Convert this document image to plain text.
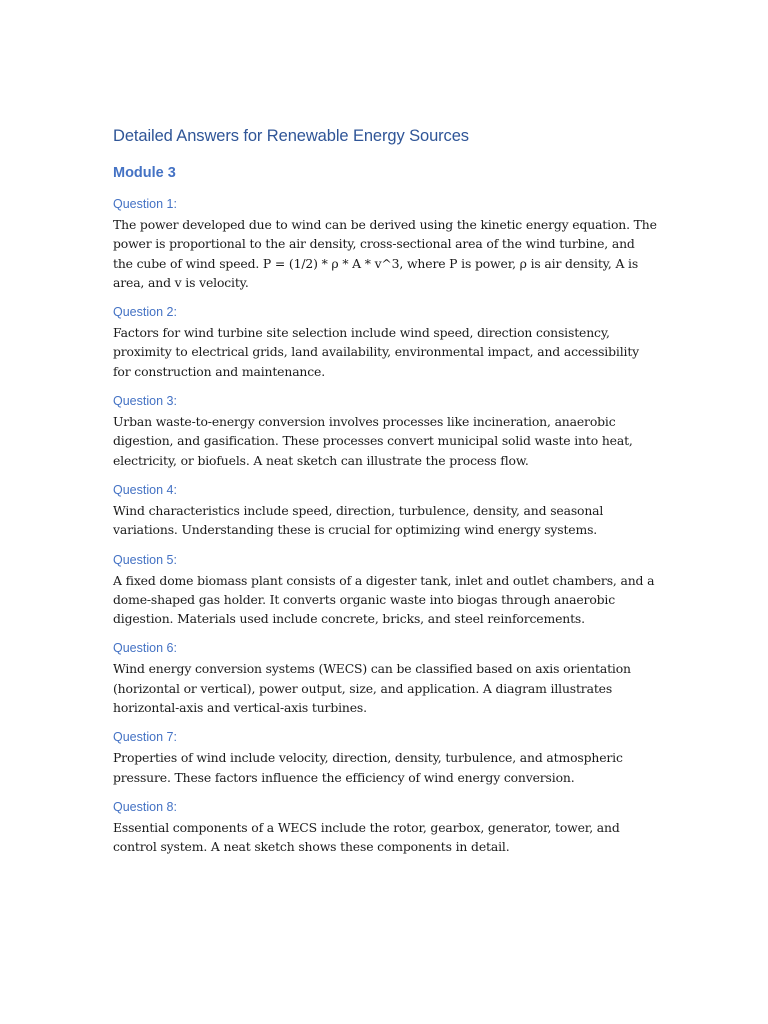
Detailed Answers for Renewable Energy Sources
Module 3
Question 1:

The power developed due to wind can be derived using the kinetic energy equation. The power is proportional to the air density, cross-sectional area of the wind turbine, and the cube of wind speed. P = (1/2) * ρ * A * v^3, where P is power, ρ is air density, A is area, and v is velocity.

Question 2:

Factors for wind turbine site selection include wind speed, direction consistency, proximity to electrical grids, land availability, environmental impact, and accessibility for construction and maintenance.

Question 3:

Urban waste-to-energy conversion involves processes like incineration, anaerobic digestion, and gasification. These processes convert municipal solid waste into heat, electricity, or biofuels. A neat sketch can illustrate the process flow.

Question 4:

Wind characteristics include speed, direction, turbulence, density, and seasonal variations. Understanding these is crucial for optimizing wind energy systems.

Question 5:

A fixed dome biomass plant consists of a digester tank, inlet and outlet chambers, and a dome-shaped gas holder. It converts organic waste into biogas through anaerobic digestion. Materials used include concrete, bricks, and steel reinforcements.

Question 6:

Wind energy conversion systems (WECS) can be classified based on axis orientation (horizontal or vertical), power output, size, and application. A diagram illustrates horizontal-axis and vertical-axis turbines.

Question 7:

Properties of wind include velocity, direction, density, turbulence, and atmospheric pressure. These factors influence the efficiency of wind energy conversion.

Question 8:

Essential components of a WECS include the rotor, gearbox, generator, tower, and control system. A neat sketch shows these components in detail.
